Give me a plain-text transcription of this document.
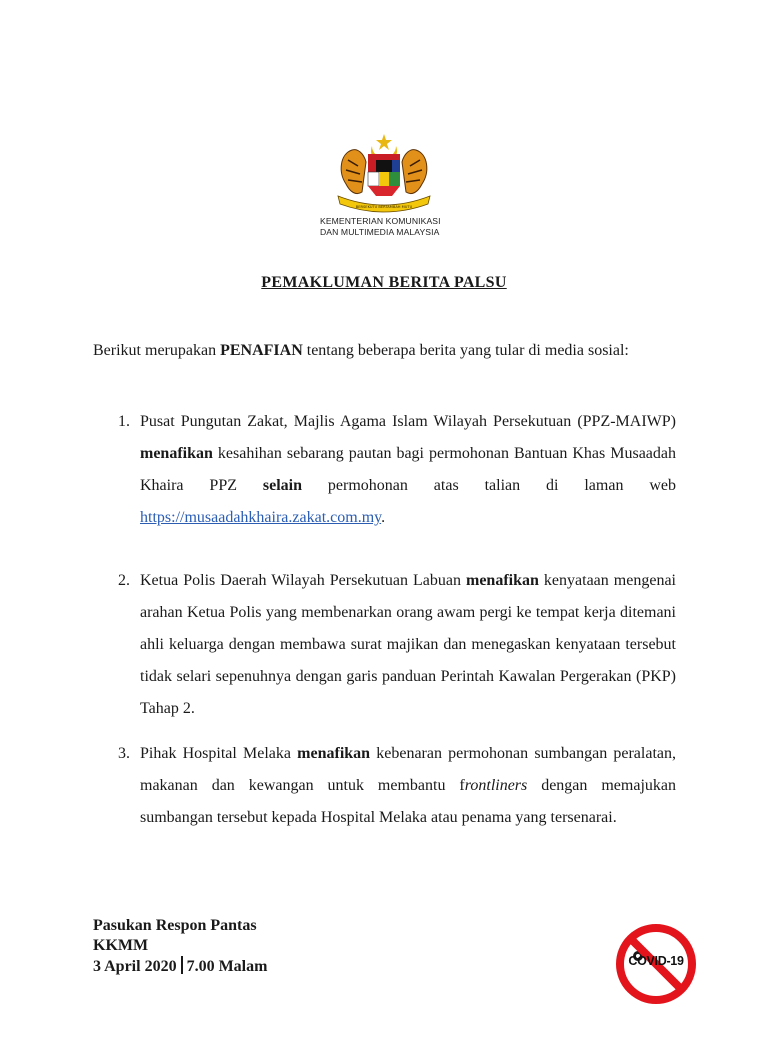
BERSEKUTU BERTAMBAH MUTU
KEMENTERIAN KOMUNIKASI
DAN MULTIMEDIA MALAYSIA
PEMAKLUMAN BERITA PALSU
Berikut merupakan PENAFIAN tentang beberapa berita yang tular di media sosial:
1. Pusat Pungutan Zakat, Majlis Agama Islam Wilayah Persekutuan (PPZ-MAIWP) menafikan kesahihan sebarang pautan bagi permohonan Bantuan Khas Musaadah Khaira PPZ selain permohonan atas talian di laman web https://musaadahkhaira.zakat.com.my.
2. Ketua Polis Daerah Wilayah Persekutuan Labuan menafikan kenyataan mengenai arahan Ketua Polis yang membenarkan orang awam pergi ke tempat kerja ditemani ahli keluarga dengan membawa surat majikan dan menegaskan kenyataan tersebut tidak selari sepenuhnya dengan garis panduan Perintah Kawalan Pergerakan (PKP) Tahap 2.
3. Pihak Hospital Melaka menafikan kebenaran permohonan sumbangan peralatan, makanan dan kewangan untuk membantu frontliners dengan memajukan sumbangan tersebut kepada Hospital Melaka atau penama yang tersenarai.
Pasukan Respon Pantas
KKMM
3 April 2020 7.00 Malam	COVID-19
